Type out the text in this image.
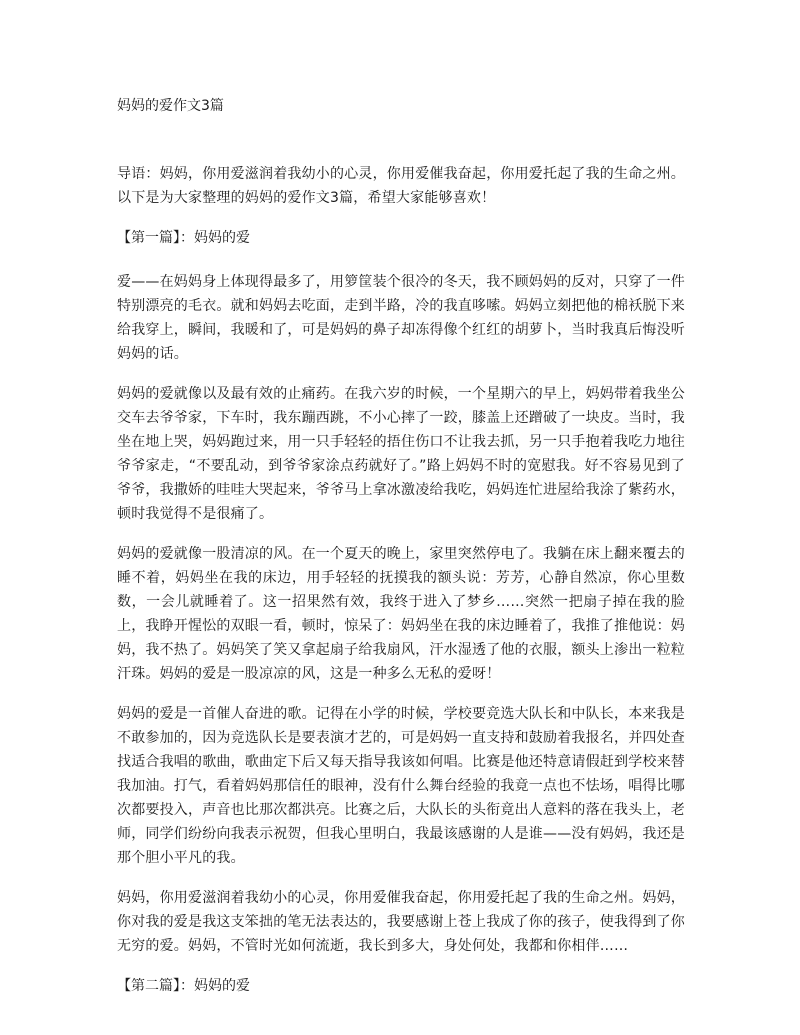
妈妈的爱作文3篇

导语：妈妈，你用爱滋润着我幼小的心灵，你用爱催我奋起，你用爱托起了我的生命之州。以下是为大家整理的妈妈的爱作文3篇，希望大家能够喜欢！

【第一篇】：妈妈的爱

爱——在妈妈身上体现得最多了，用箩筐装个很冷的冬天，我不顾妈妈的反对，只穿了一件特别漂亮的毛衣。就和妈妈去吃面，走到半路，冷的我直哆嗦。妈妈立刻把他的棉袄脱下来给我穿上，瞬间，我暖和了，可是妈妈的鼻子却冻得像个红红的胡萝卜，当时我真后悔没听妈妈的话。

妈妈的爱就像以及最有效的止痛药。在我六岁的时候，一个星期六的早上，妈妈带着我坐公交车去爷爷家，下车时，我东蹦西跳，不小心摔了一跤，膝盖上还蹭破了一块皮。当时，我坐在地上哭，妈妈跑过来，用一只手轻轻的捂住伤口不让我去抓，另一只手抱着我吃力地往爷爷家走，“不要乱动，到爷爷家涂点药就好了。”路上妈妈不时的宽慰我。好不容易见到了爷爷，我撒娇的哇哇大哭起来，爷爷马上拿冰激凌给我吃，妈妈连忙进屋给我涂了紫药水，顿时我觉得不是很痛了。

妈妈的爱就像一股清凉的风。在一个夏天的晚上，家里突然停电了。我躺在床上翻来覆去的睡不着，妈妈坐在我的床边，用手轻轻的抚摸我的额头说：芳芳，心静自然凉，你心里数数，一会儿就睡着了。这一招果然有效，我终于进入了梦乡……突然一把扇子掉在我的脸上，我睁开惺忪的双眼一看，顿时，惊呆了：妈妈坐在我的床边睡着了，我推了推他说：妈妈，我不热了。妈妈笑了笑又拿起扇子给我扇风，汗水湿透了他的衣服，额头上渗出一粒粒汗珠。妈妈的爱是一股凉凉的风，这是一种多么无私的爱呀！

妈妈的爱是一首催人奋进的歌。记得在小学的时候，学校要竞选大队长和中队长，本来我是不敢参加的，因为竞选队长是要表演才艺的，可是妈妈一直支持和鼓励着我报名，并四处查找适合我唱的歌曲，歌曲定下后又每天指导我该如何唱。比赛是他还特意请假赶到学校来替我加油。打气，看着妈妈那信任的眼神，没有什么舞台经验的我竟一点也不怯场，唱得比哪次都要投入，声音也比那次都洪亮。比赛之后，大队长的头衔竟出人意料的落在我头上，老师，同学们纷纷向我表示祝贺，但我心里明白，我最该感谢的人是谁——没有妈妈，我还是那个胆小平凡的我。

妈妈，你用爱滋润着我幼小的心灵，你用爱催我奋起，你用爱托起了我的生命之州。妈妈，你对我的爱是我这支笨拙的笔无法表达的，我要感谢上苍上我成了你的孩子，使我得到了你无穷的爱。妈妈，不管时光如何流逝，我长到多大，身处何处，我都和你相伴……

【第二篇】：妈妈的爱
